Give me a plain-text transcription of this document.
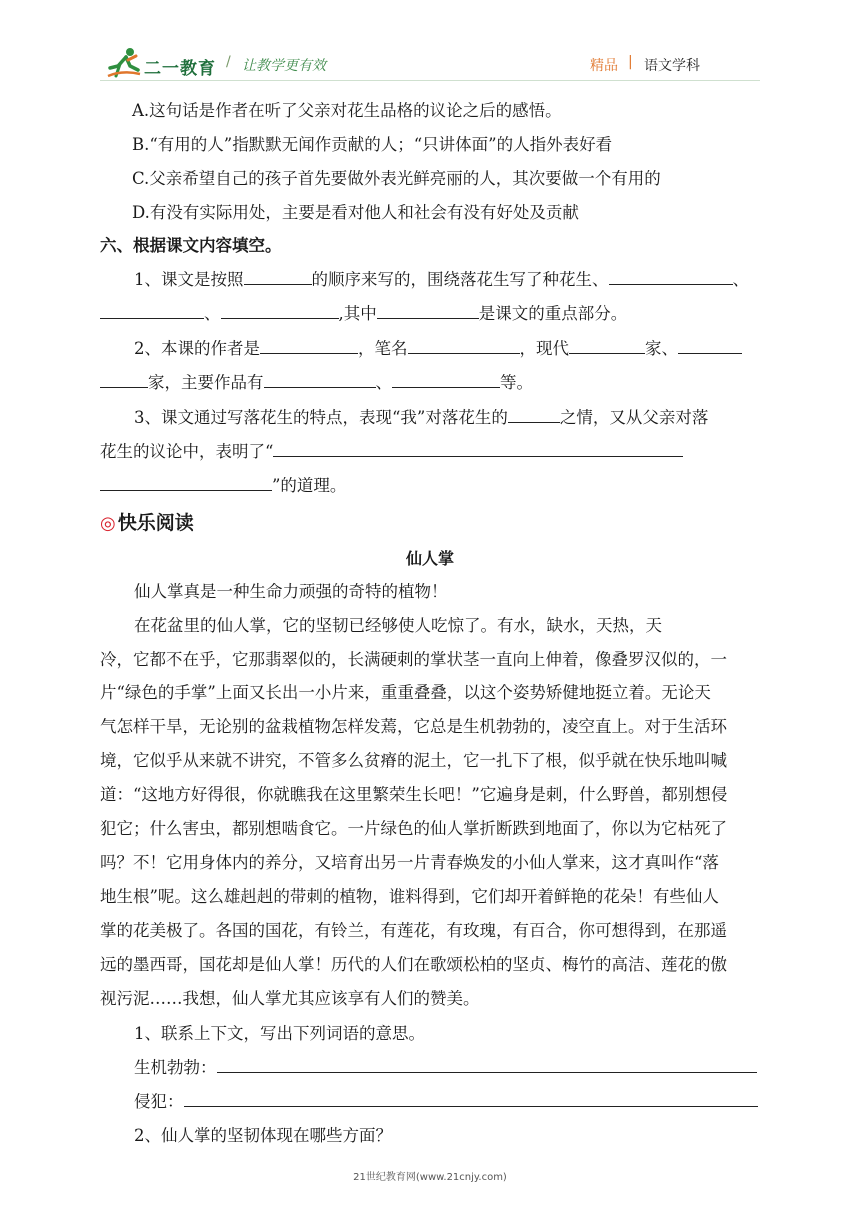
二一教育 / 让教学更有效	精品 | 语文学科
A.这句话是作者在听了父亲对花生品格的议论之后的感悟。
B.“有用的人”指默默无闻作贡献的人；“只讲体面”的人指外表好看
C.父亲希望自己的孩子首先要做外表光鲜亮丽的人，其次要做一个有用的
D.有没有实际用处，主要是看对他人和社会有没有好处及贡献
六、根据课文内容填空。
1、课文是按照	的顺序来写的，围绕落花生写了种花生、	、
、	,其中	是课文的重点部分。
2、本课的作者是	，笔名	，现代	家、
家，主要作品有	、	等。
3、课文通过写落花生的特点，表现“我”对落花生的	之情，又从父亲对落
花生的议论中，表明了“
”的道理。
◎ 快乐阅读
仙人掌
仙人掌真是一种生命力顽强的奇特的植物！
在花盆里的仙人掌，它的坚韧已经够使人吃惊了。有水，缺水，天热，天
冷，它都不在乎，它那翡翠似的，长满硬刺的掌状茎一直向上伸着，像叠罗汉似的，一
片“绿色的手掌”上面又长出一小片来，重重叠叠，以这个姿势矫健地挺立着。无论天
气怎样干旱，无论别的盆栽植物怎样发蔫，它总是生机勃勃的，凌空直上。对于生活环
境，它似乎从来就不讲究，不管多么贫瘠的泥土，它一扎下了根，似乎就在快乐地叫喊
道：“这地方好得很，你就瞧我在这里繁荣生长吧！”它遍身是刺，什么野兽，都别想侵
犯它；什么害虫，都别想啮食它。一片绿色的仙人掌折断跌到地面了，你以为它枯死了
吗？不！它用身体内的养分，又培育出另一片青春焕发的小仙人掌来，这才真叫作“落
地生根”呢。这么雄赳赳的带刺的植物，谁料得到，它们却开着鲜艳的花朵！有些仙人
掌的花美极了。各国的国花，有铃兰，有莲花，有玫瑰，有百合，你可想得到，在那遥
远的墨西哥，国花却是仙人掌！历代的人们在歌颂松柏的坚贞、梅竹的高洁、莲花的傲
视污泥……我想，仙人掌尤其应该享有人们的赞美。
1、联系上下文，写出下列词语的意思。
生机勃勃：
侵犯：
2、仙人掌的坚韧体现在哪些方面？
21世纪教育网(www.21cnjy.com)
